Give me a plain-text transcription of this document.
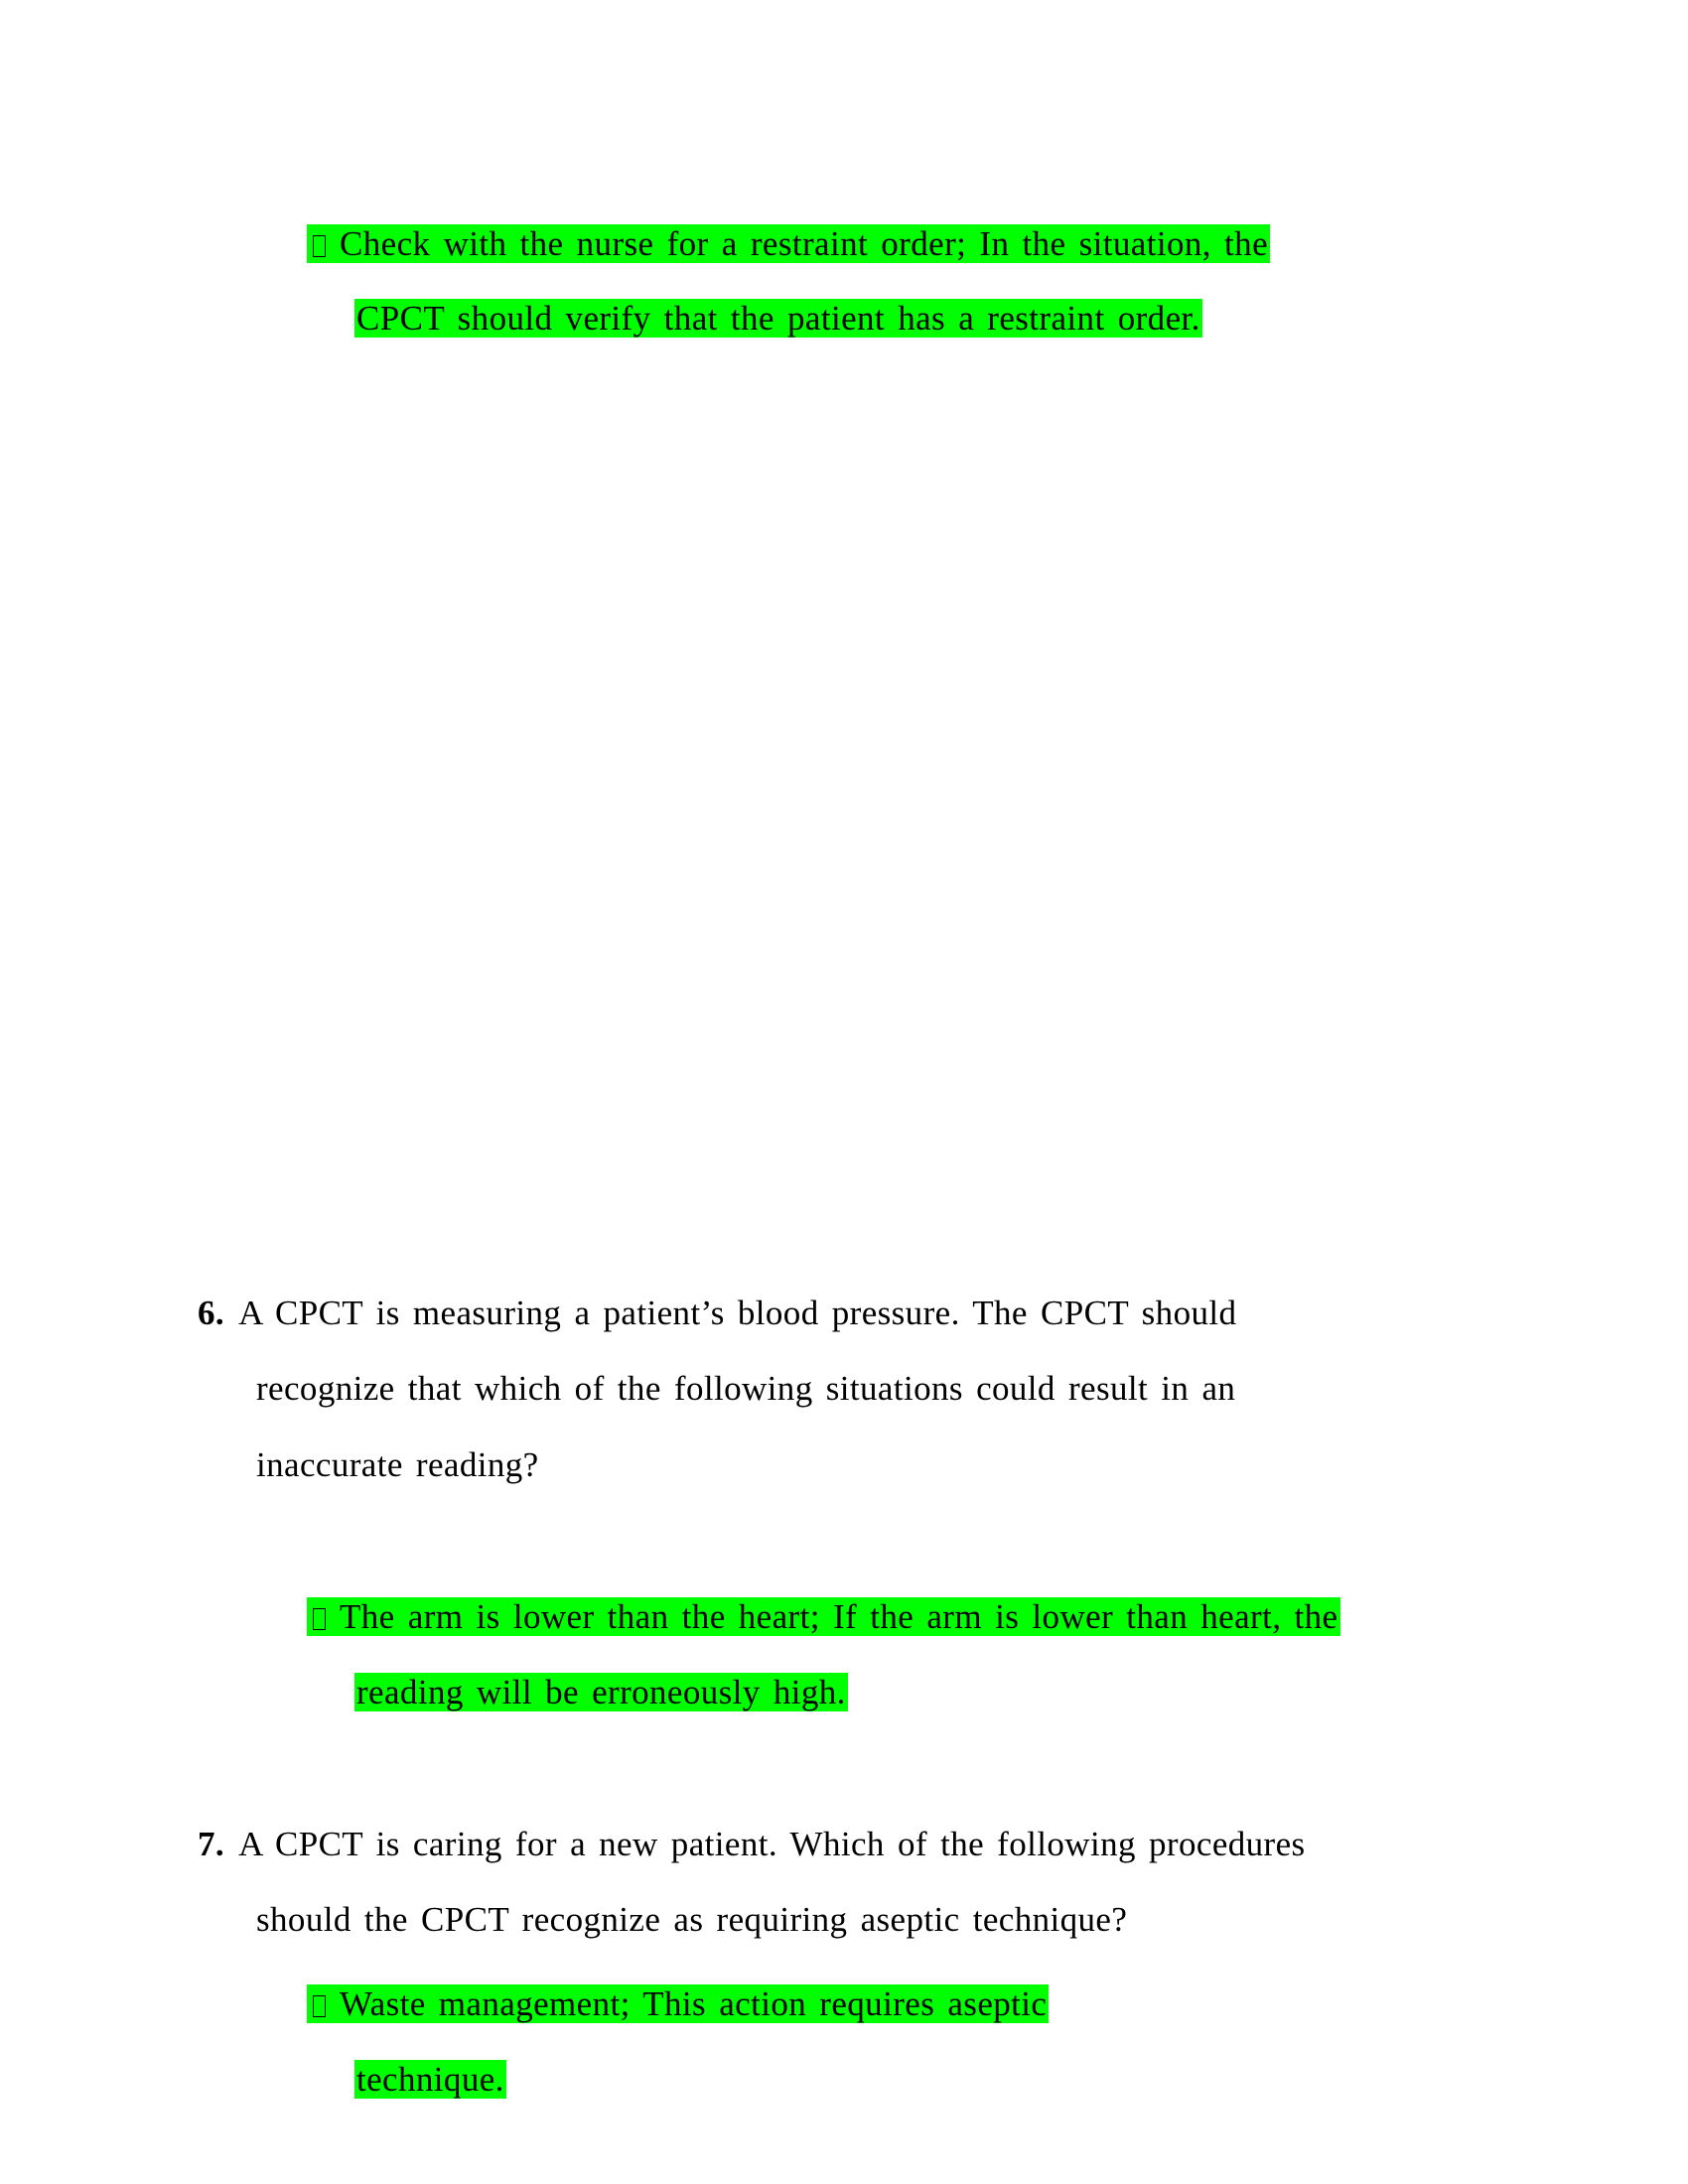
Check with the nurse for a restraint order; In the situation, the
CPCT should verify that the patient has a restraint order.
6. A CPCT is measuring a patient’s blood pressure. The CPCT should
recognize that which of the following situations could result in an
inaccurate reading?
The arm is lower than the heart; If the arm is lower than heart, the
reading will be erroneously high.
7. A CPCT is caring for a new patient. Which of the following procedures
should the CPCT recognize as requiring aseptic technique?
Waste management; This action requires aseptic
technique.
